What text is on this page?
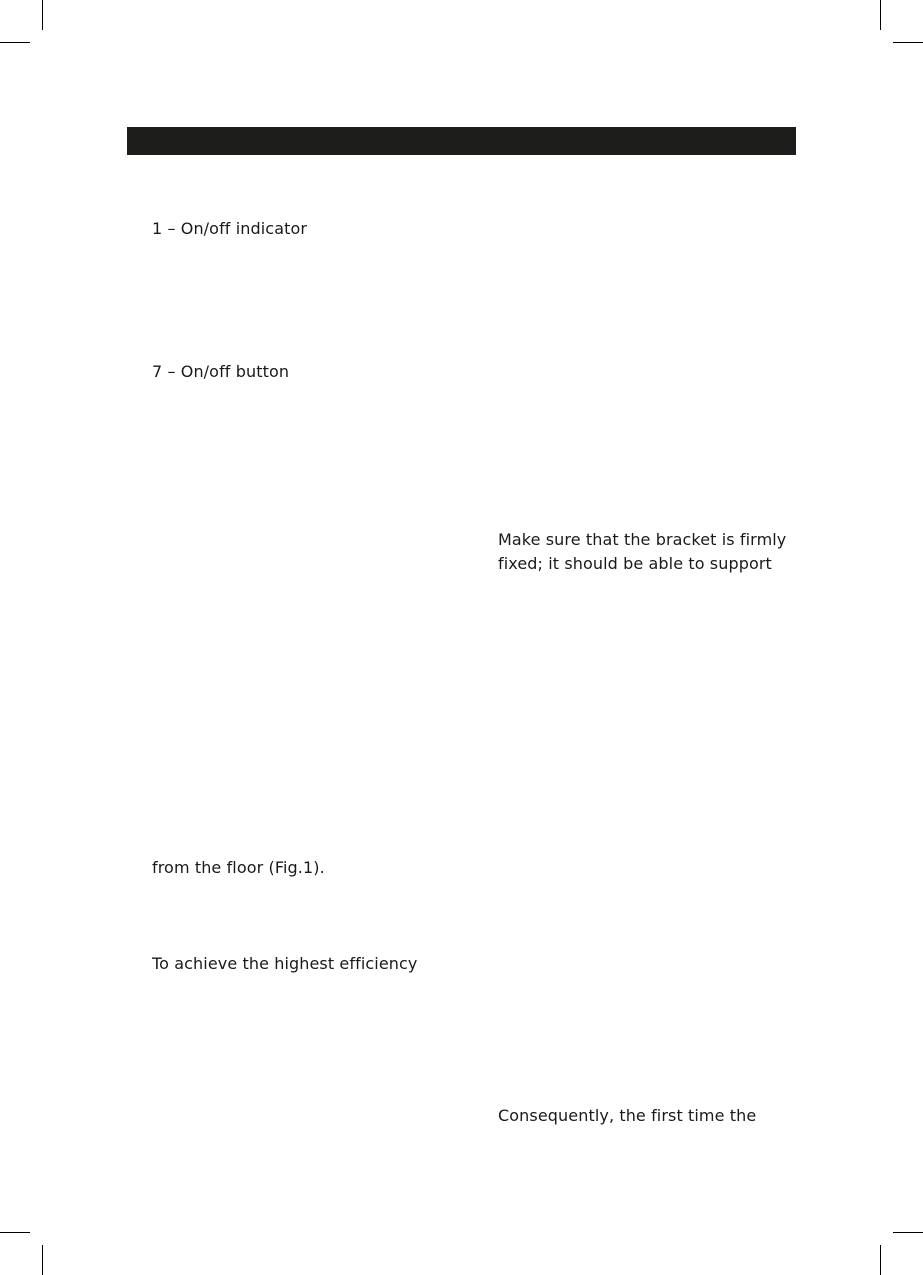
1 – On/off indicator
7 – On/off button
from the floor (Fig.1).
To achieve the highest efficiency
Make sure that the bracket is firmly
fixed; it should be able to support
Consequently, the first time the
